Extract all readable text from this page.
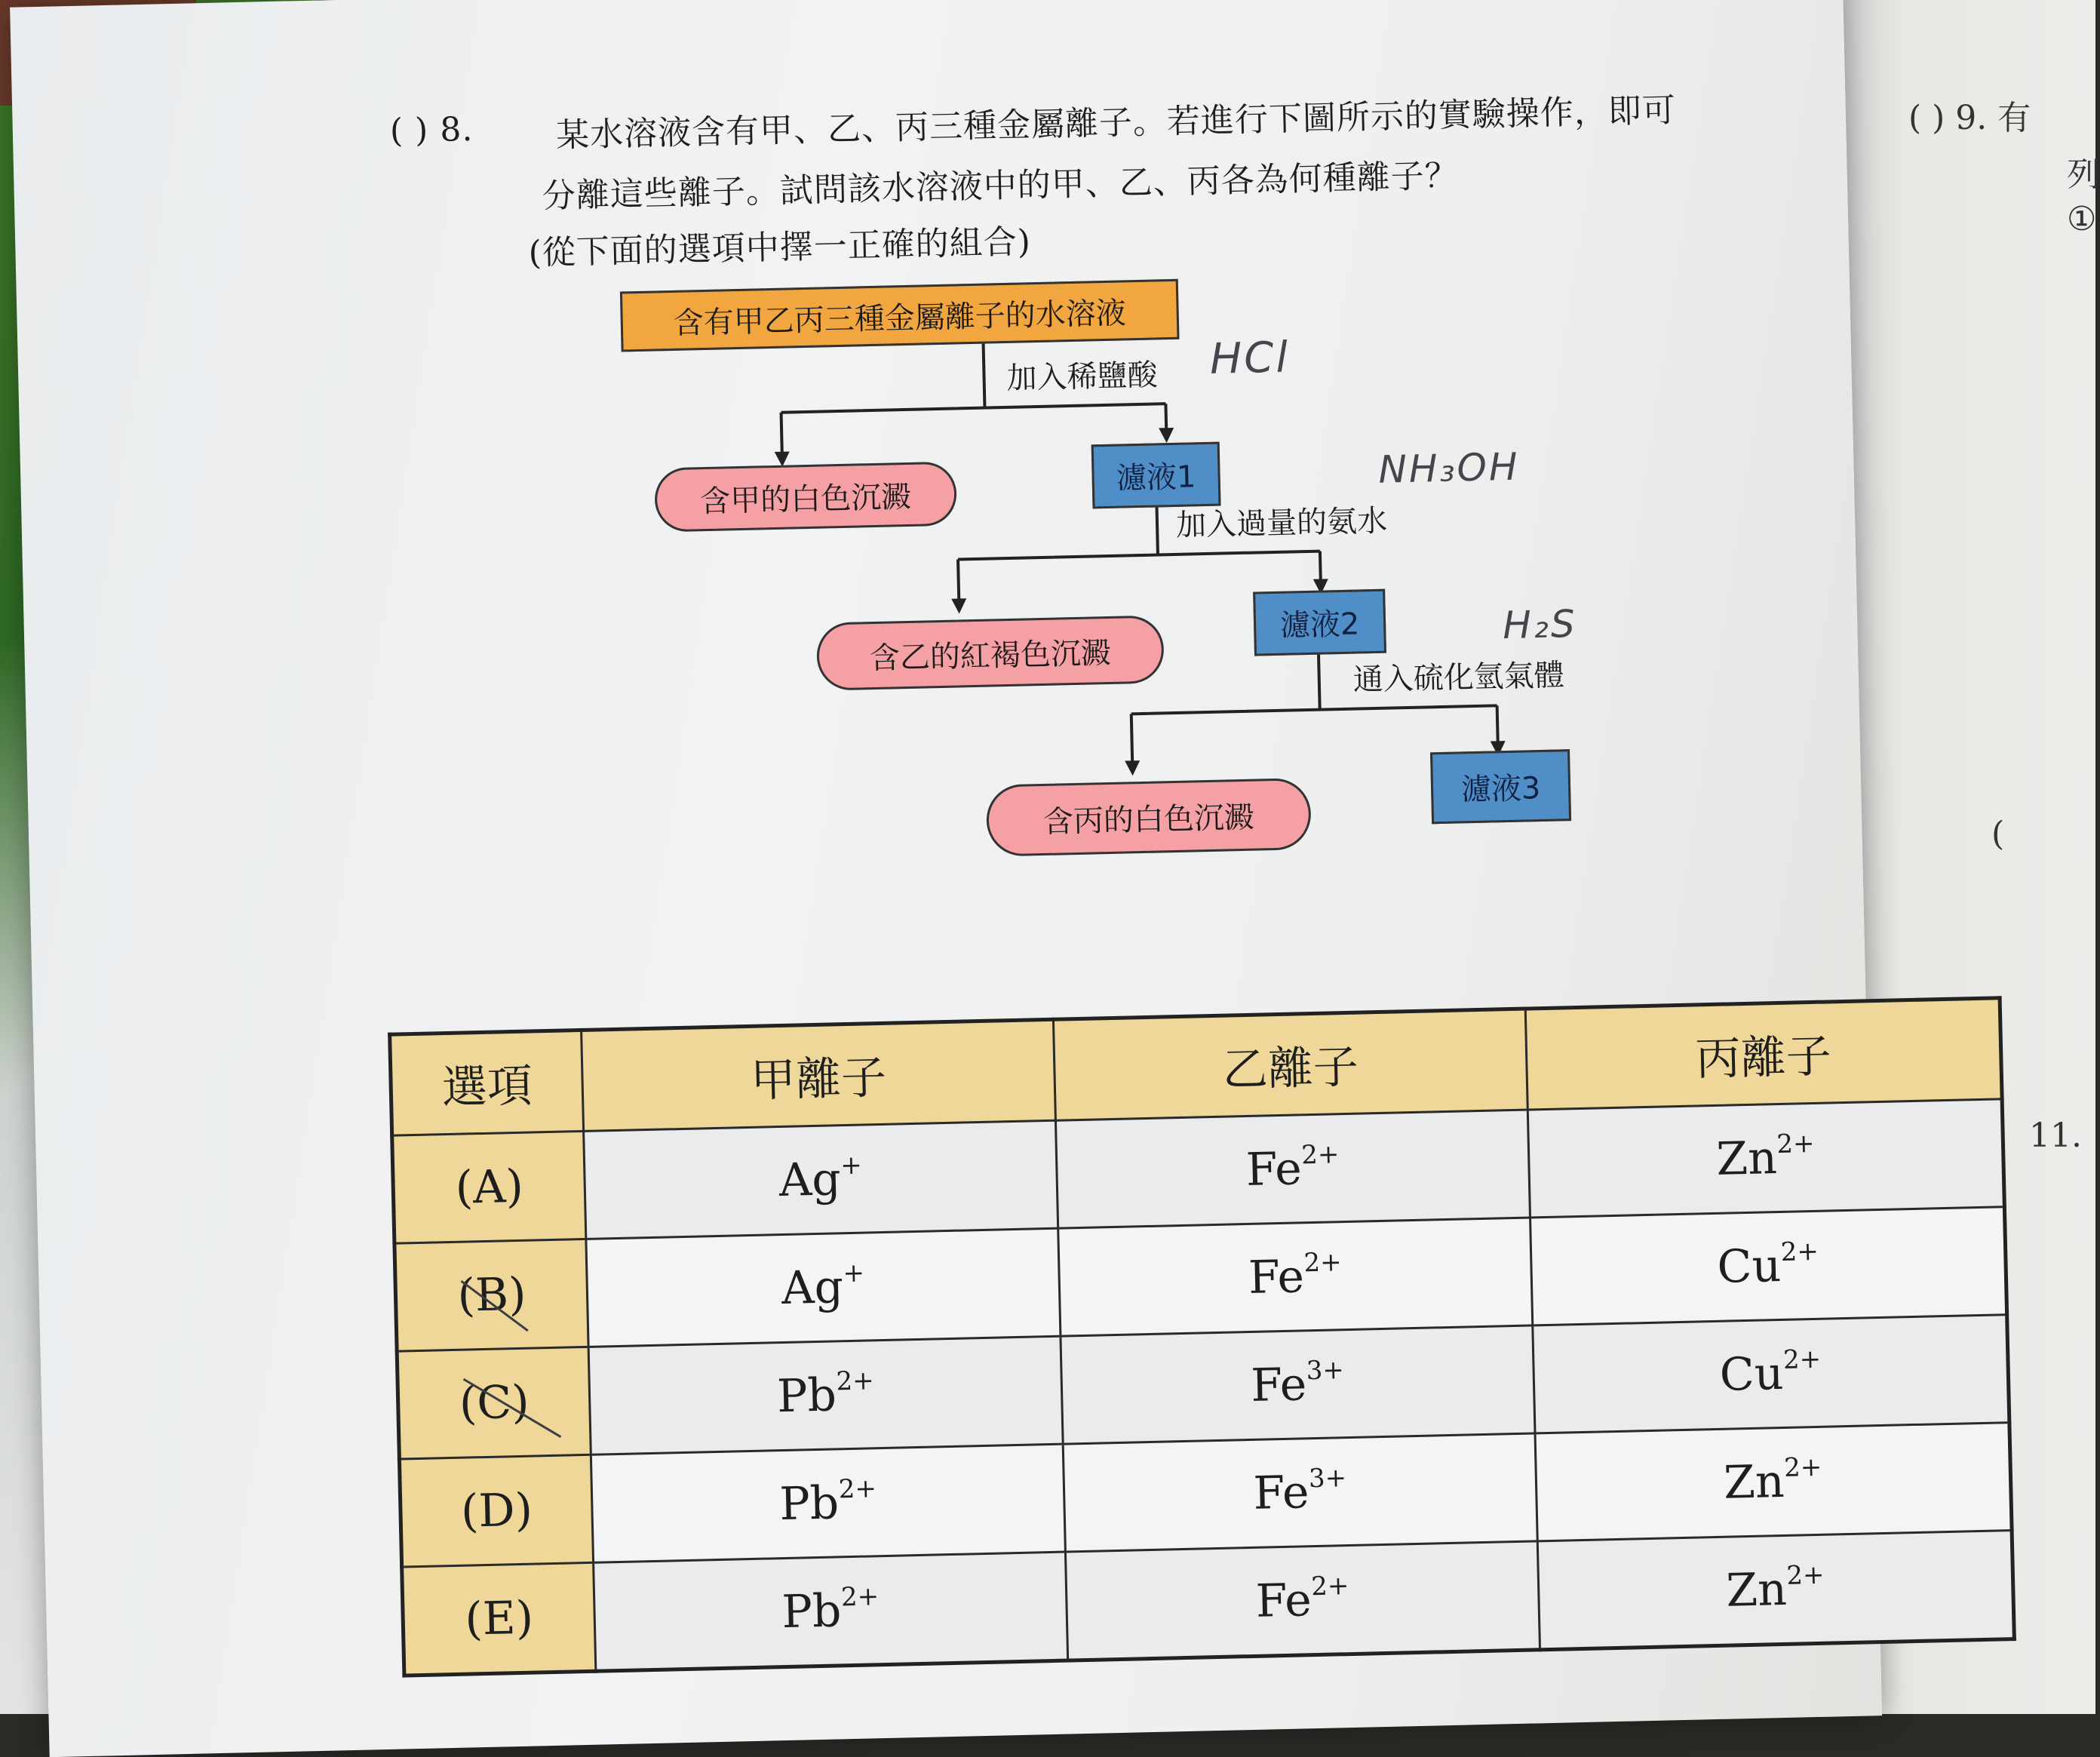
( ) 9. 有
列
①
(
11.
( ) 8. 某水溶液含有甲、乙、丙三種金屬離子。若進行下圖所示的實驗操作，即可
分離這些離子。試問該水溶液中的甲、乙、丙各為何種離子？
(從下面的選項中擇一正確的組合)
含有甲乙丙三種金屬離子的水溶液
加入稀鹽酸 HCl
含甲的白色沉澱
濾液1
加入過量的氨水
NH₃OH
含乙的紅褐色沉澱
濾液2
通入硫化氫氣體
H₂S
含丙的白色沉澱
濾液3
選項	甲離子	乙離子	丙離子
(A)	Ag+	$Fe^{2+}$	$Zn^{2+}$
(B)	Ag+	$Fe^{2+}$	$Cu^{2+}$
(C)	$Pb^{2+}$	$Fe^{3+}$	$Cu^{2+}$
(D)	$Pb^{2+}$	$Fe^{3+}$	$Zn^{2+}$
(E)	$Pb^{2+}$	$Fe^{2+}$	$Zn^{2+}$
